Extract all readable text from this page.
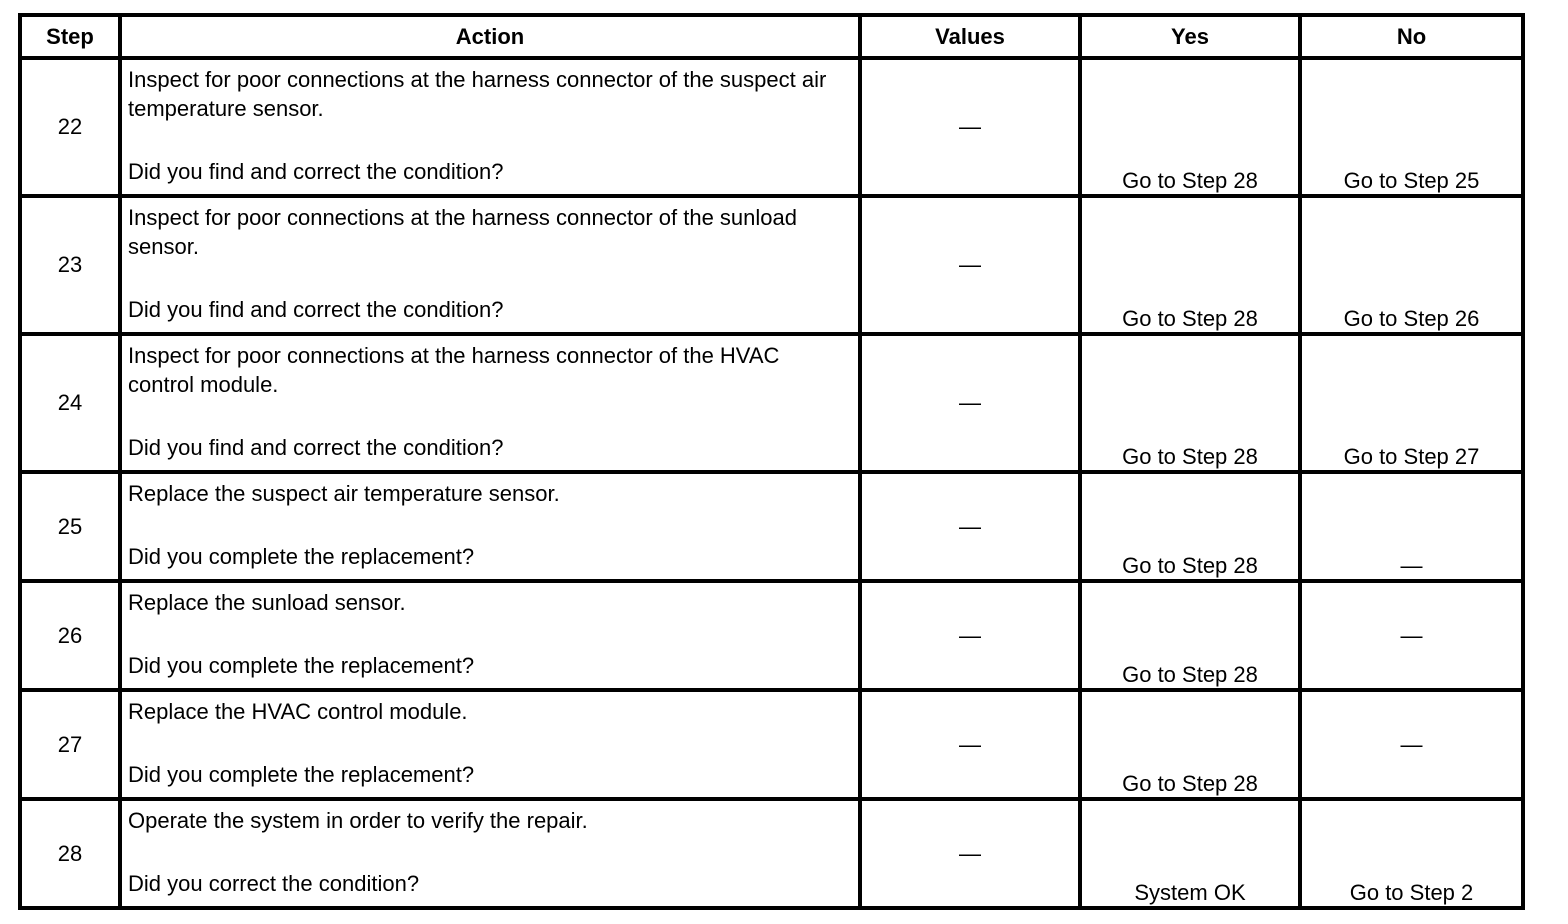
Step	Action	Values	Yes	No
22	Inspect for poor connections at the harness connector of the suspect air temperature sensor.
Did you find and correct the condition?	—	Go to Step 28	Go to Step 25
23	Inspect for poor connections at the harness connector of the sunload sensor.
Did you find and correct the condition?	—	Go to Step 28	Go to Step 26
24	Inspect for poor connections at the harness connector of the HVAC control module.
Did you find and correct the condition?	—	Go to Step 28	Go to Step 27
25	Replace the suspect air temperature sensor.
Did you complete the replacement?	—	Go to Step 28	—
26	Replace the sunload sensor.
Did you complete the replacement?	—	Go to Step 28	—
27	Replace the HVAC control module.
Did you complete the replacement?	—	Go to Step 28	—
28	Operate the system in order to verify the repair.
Did you correct the condition?	—	System OK	Go to Step 2
